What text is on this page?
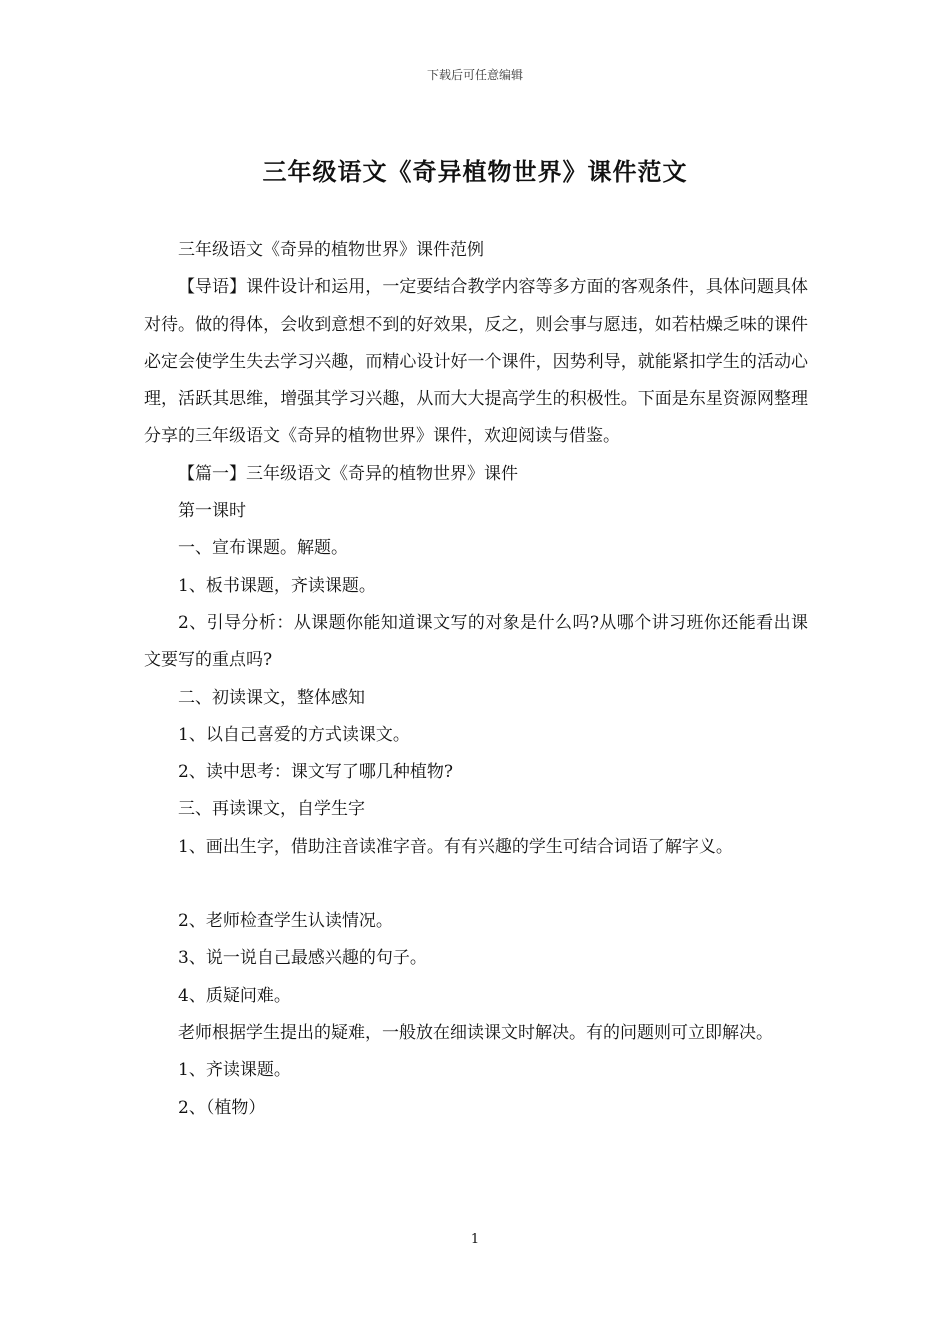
下载后可任意编辑
三年级语文《奇异植物世界》课件范文

三年级语文《奇异的植物世界》课件范例

【导语】课件设计和运用，一定要结合教学内容等多方面的客观条件，具体问题具体对待。做的得体，会收到意想不到的好效果，反之，则会事与愿违，如若枯燥乏味的课件必定会使学生失去学习兴趣，而精心设计好一个课件，因势利导，就能紧扣学生的活动心理，活跃其思维，增强其学习兴趣，从而大大提高学生的积极性。下面是东星资源网整理分享的三年级语文《奇异的植物世界》课件，欢迎阅读与借鉴。

【篇一】三年级语文《奇异的植物世界》课件

第一课时

一、宣布课题。解题。

1、板书课题，齐读课题。

2、引导分析：从课题你能知道课文写的对象是什么吗?从哪个讲习班你还能看出课文要写的重点吗?

二、初读课文，整体感知

1、以自己喜爱的方式读课文。

2、读中思考：课文写了哪几种植物?

三、再读课文，自学生字

1、画出生字，借助注音读准字音。有有兴趣的学生可结合词语了解字义。

2、老师检查学生认读情况。

3、说一说自己最感兴趣的句子。

4、质疑问难。

老师根据学生提出的疑难，一般放在细读课文时解决。有的问题则可立即解决。

1、齐读课题。

2、（植物）

1
